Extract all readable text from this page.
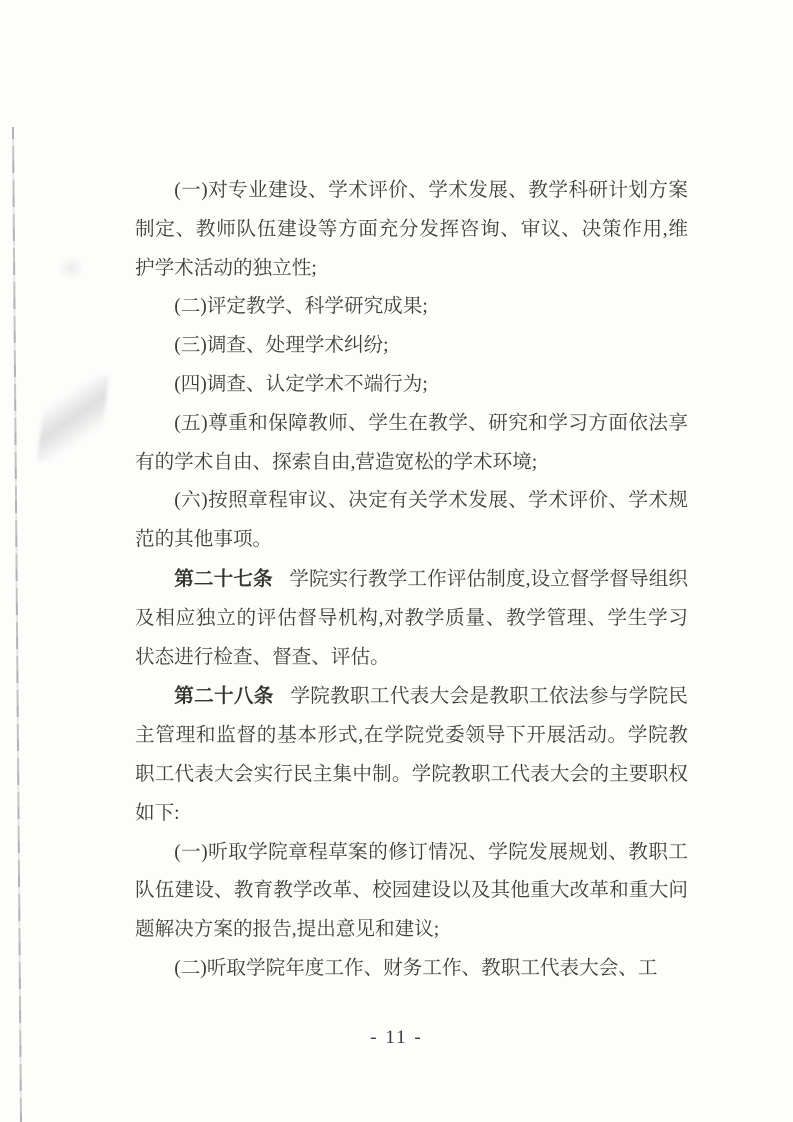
(一)对专业建设、学术评价、学术发展、教学科研计划方案制定、教师队伍建设等方面充分发挥咨询、审议、决策作用,维护学术活动的独立性;

(二)评定教学、科学研究成果;

(三)调查、处理学术纠纷;

(四)调查、认定学术不端行为;

(五)尊重和保障教师、学生在教学、研究和学习方面依法享有的学术自由、探索自由,营造宽松的学术环境;

(六)按照章程审议、决定有关学术发展、学术评价、学术规范的其他事项。

第二十七条 学院实行教学工作评估制度,设立督学督导组织及相应独立的评估督导机构,对教学质量、教学管理、学生学习状态进行检查、督查、评估。

第二十八条 学院教职工代表大会是教职工依法参与学院民主管理和监督的基本形式,在学院党委领导下开展活动。学院教职工代表大会实行民主集中制。学院教职工代表大会的主要职权如下:

(一)听取学院章程草案的修订情况、学院发展规划、教职工队伍建设、教育教学改革、校园建设以及其他重大改革和重大问题解决方案的报告,提出意见和建议;

(二)听取学院年度工作、财务工作、教职工代表大会、工

- 11 -
